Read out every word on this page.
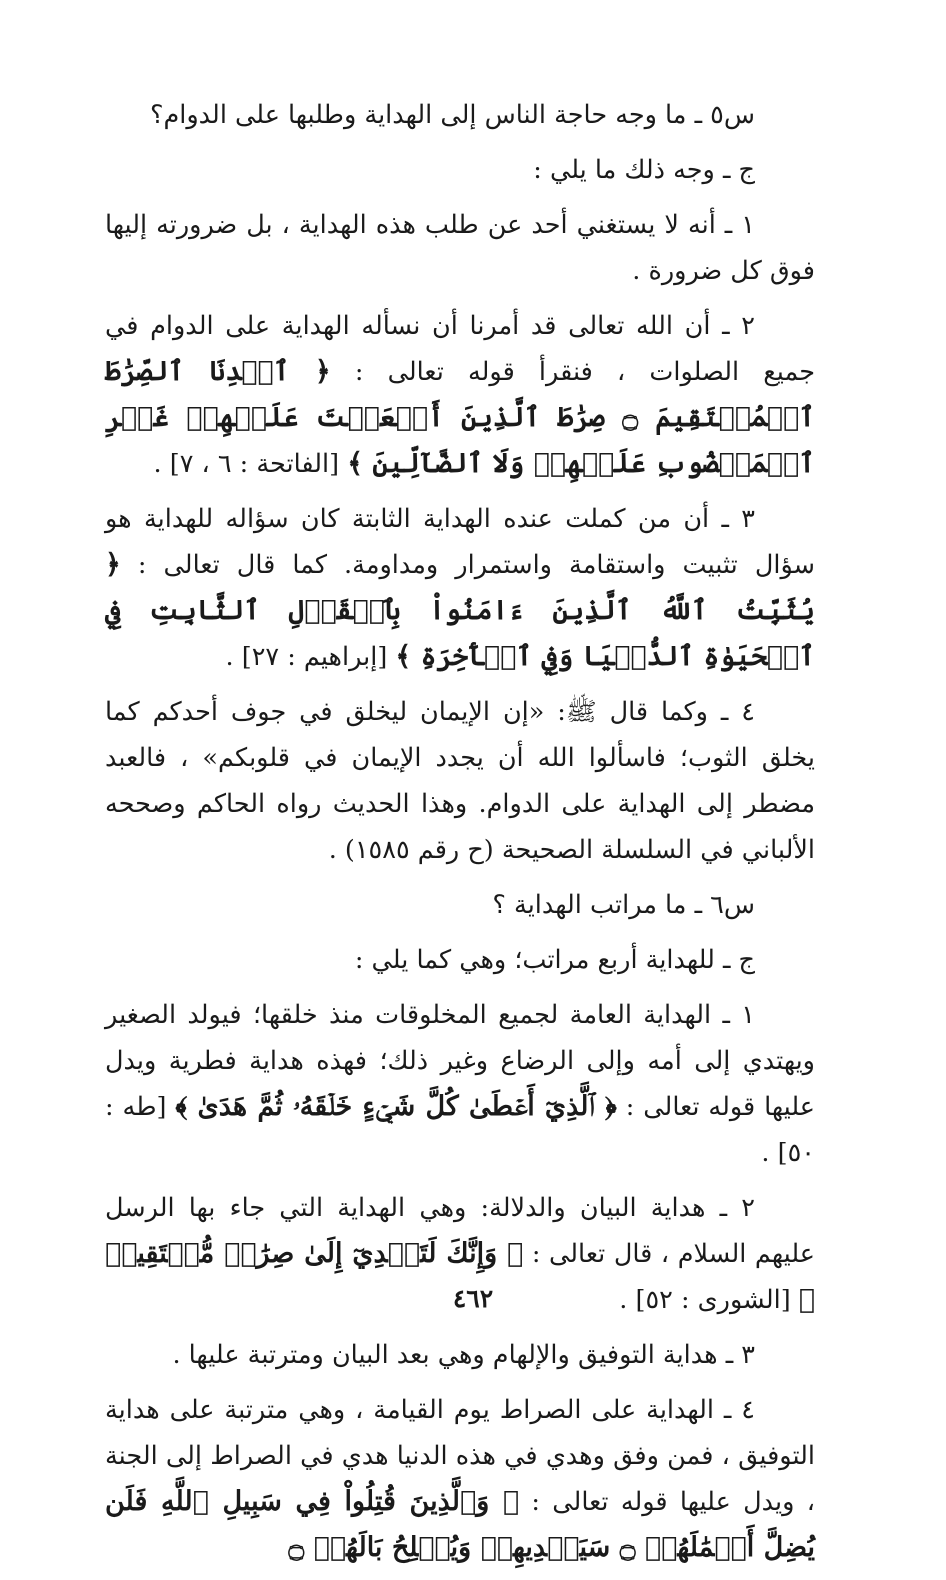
س٥ ـ ما وجه حاجة الناس إلى الهداية وطلبها على الدوام؟

ج ـ وجه ذلك ما يلي :

١ ـ أنه لا يستغني أحد عن طلب هذه الهداية ، بل ضرورته إليها فوق كل ضرورة .

٢ ـ أن الله تعالى قد أمرنا أن نسأله الهداية على الدوام في جميع الصلوات ، فنقرأ قوله تعالى : ﴿ ٱهۡدِنَا ٱلصِّرَٰطَ ٱلۡمُسۡتَقِيمَ ۝ صِرَٰطَ ٱلَّذِينَ أَنۡعَمۡتَ عَلَيۡهِمۡ غَيۡرِ ٱلۡمَغۡضُوبِ عَلَيۡهِمۡ وَلَا ٱلضَّآلِّينَ ﴾ [الفاتحة : ٦ ، ٧] .

٣ ـ أن من كملت عنده الهداية الثابتة كان سؤاله للهداية هو سؤال تثبيت واستقامة واستمرار ومداومة. كما قال تعالى : ﴿ يُثَبِّتُ ٱللَّهُ ٱلَّذِينَ ءَامَنُواْ بِٱلۡقَوۡلِ ٱلثَّابِتِ فِي ٱلۡحَيَوٰةِ ٱلدُّنۡيَا وَفِي ٱلۡأٓخِرَةِ ﴾ [إبراهيم : ٢٧] .

٤ ـ وكما قال ﷺ: «إن الإيمان ليخلق في جوف أحدكم كما يخلق الثوب؛ فاسألوا الله أن يجدد الإيمان في قلوبكم» ، فالعبد مضطر إلى الهداية على الدوام. وهذا الحديث رواه الحاكم وصححه الألباني في السلسلة الصحيحة (ح رقم ١٥٨٥) .

س٦ ـ ما مراتب الهداية ؟

ج ـ للهداية أربع مراتب؛ وهي كما يلي :

١ ـ الهداية العامة لجميع المخلوقات منذ خلقها؛ فيولد الصغير ويهتدي إلى أمه وإلى الرضاع وغير ذلك؛ فهذه هداية فطرية ويدل عليها قوله تعالى : ﴿ ٱلَّذِيٓ أَعۡطَىٰ كُلَّ شَيۡءٍ خَلۡقَهُۥ ثُمَّ هَدَىٰ ﴾ [طه : ٥٠] .

٢ ـ هداية البيان والدلالة: وهي الهداية التي جاء بها الرسل عليهم السلام ، قال تعالى : ﴿ وَإِنَّكَ لَتَهۡدِيٓ إِلَىٰ صِرَٰطٖ مُّسۡتَقِيمٖ ﴾ [الشورى : ٥٢] .

٣ ـ هداية التوفيق والإلهام وهي بعد البيان ومترتبة عليها .

٤ ـ الهداية على الصراط يوم القيامة ، وهي مترتبة على هداية التوفيق ، فمن وفق وهدي في هذه الدنيا هدي في الصراط إلى الجنة ، ويدل عليها قوله تعالى : ﴿ وَٱلَّذِينَ قُتِلُواْ فِي سَبِيلِ ٱللَّهِ فَلَن يُضِلَّ أَعۡمَٰلَهُمۡ ۝ سَيَهۡدِيهِمۡ وَيُصۡلِحُ بَالَهُمۡ ۝

٤٦٢
